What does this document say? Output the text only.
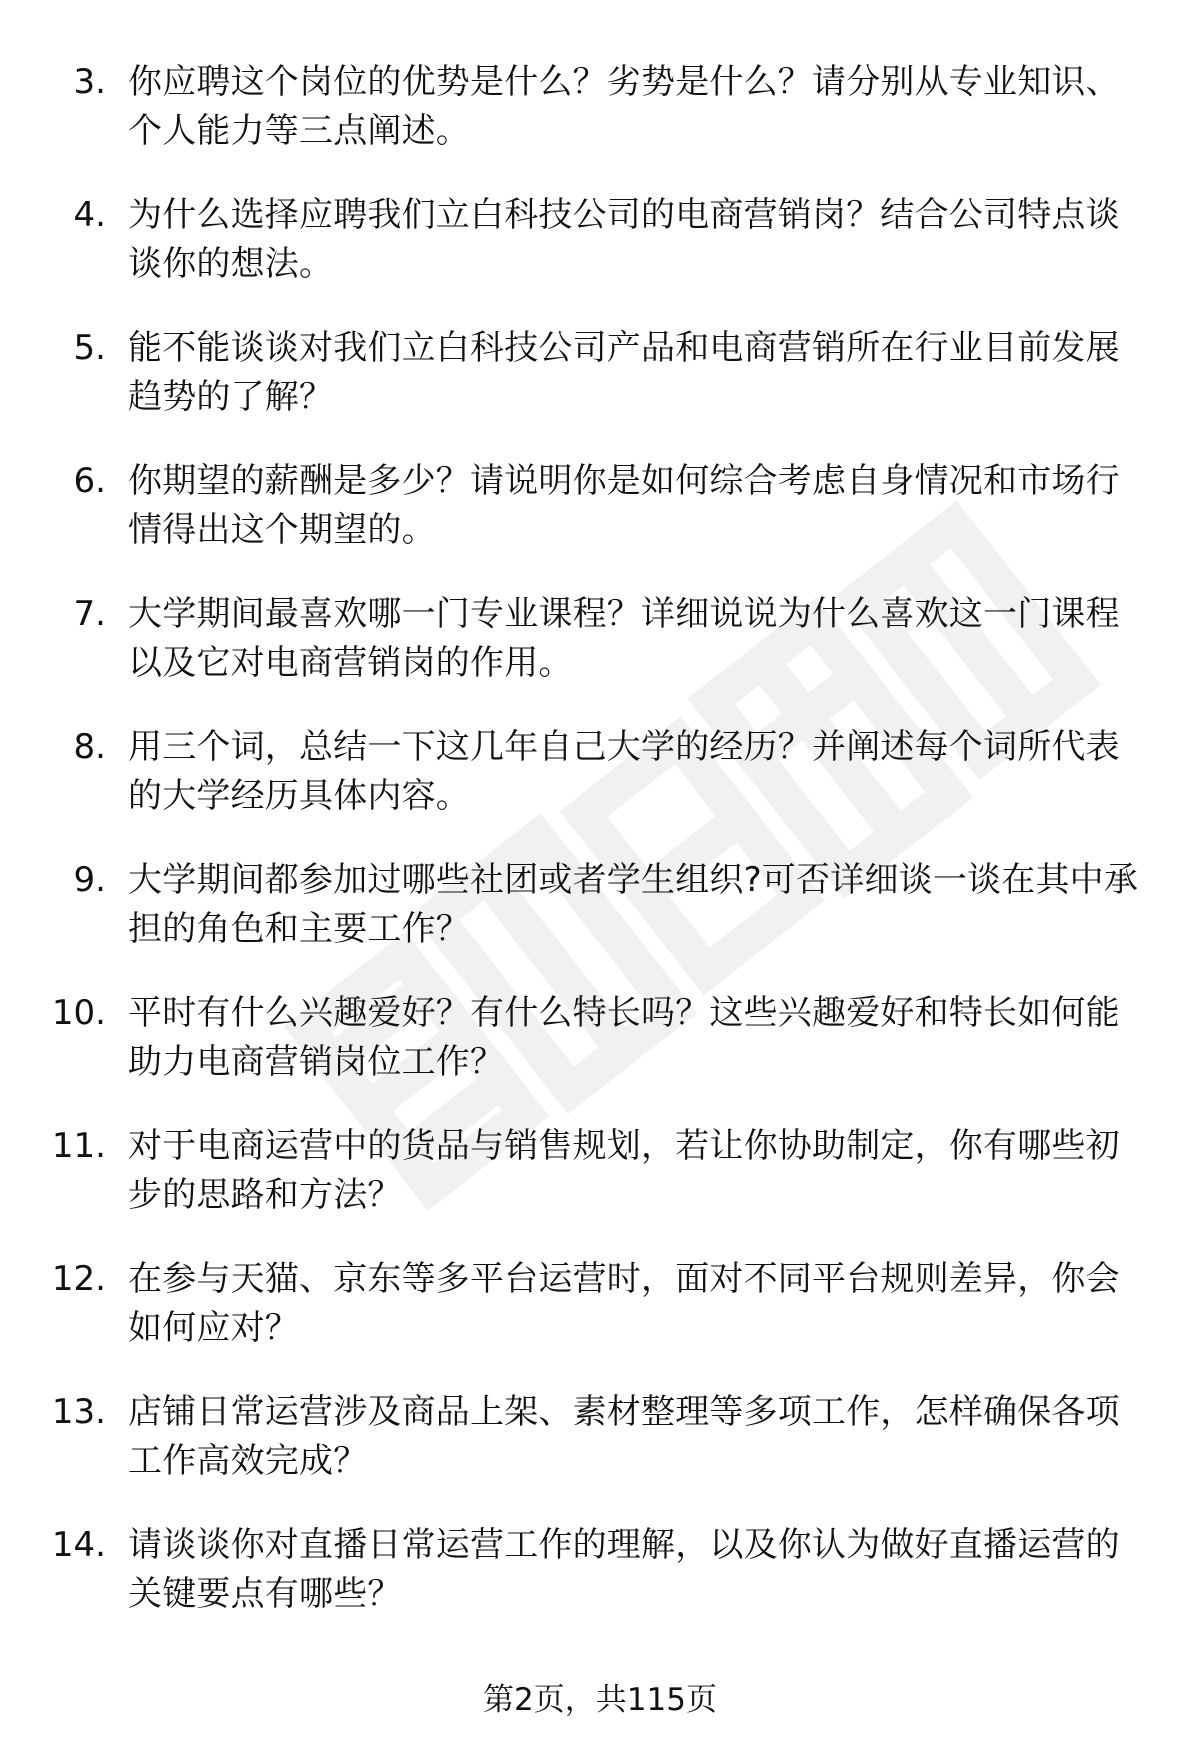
3. 你应聘这个岗位的优势是什么？劣势是什么？请分别从专业知识、个人能力等三点阐述。
4. 为什么选择应聘我们立白科技公司的电商营销岗？结合公司特点谈谈你的想法。
5. 能不能谈谈对我们立白科技公司产品和电商营销所在行业目前发展趋势的了解？
6. 你期望的薪酬是多少？请说明你是如何综合考虑自身情况和市场行情得出这个期望的。
7. 大学期间最喜欢哪一门专业课程？详细说说为什么喜欢这一门课程以及它对电商营销岗的作用。
8. 用三个词，总结一下这几年自己大学的经历？并阐述每个词所代表的大学经历具体内容。
9. 大学期间都参加过哪些社团或者学生组织?可否详细谈一谈在其中承担的角色和主要工作？
10. 平时有什么兴趣爱好？有什么特长吗？这些兴趣爱好和特长如何能助力电商营销岗位工作？
11. 对于电商运营中的货品与销售规划，若让你协助制定，你有哪些初步的思路和方法？
12. 在参与天猫、京东等多平台运营时，面对不同平台规则差异，你会如何应对？
13. 店铺日常运营涉及商品上架、素材整理等多项工作，怎样确保各项工作高效完成？
14. 请谈谈你对直播日常运营工作的理解，以及你认为做好直播运营的关键要点有哪些？
第2页，共115页
